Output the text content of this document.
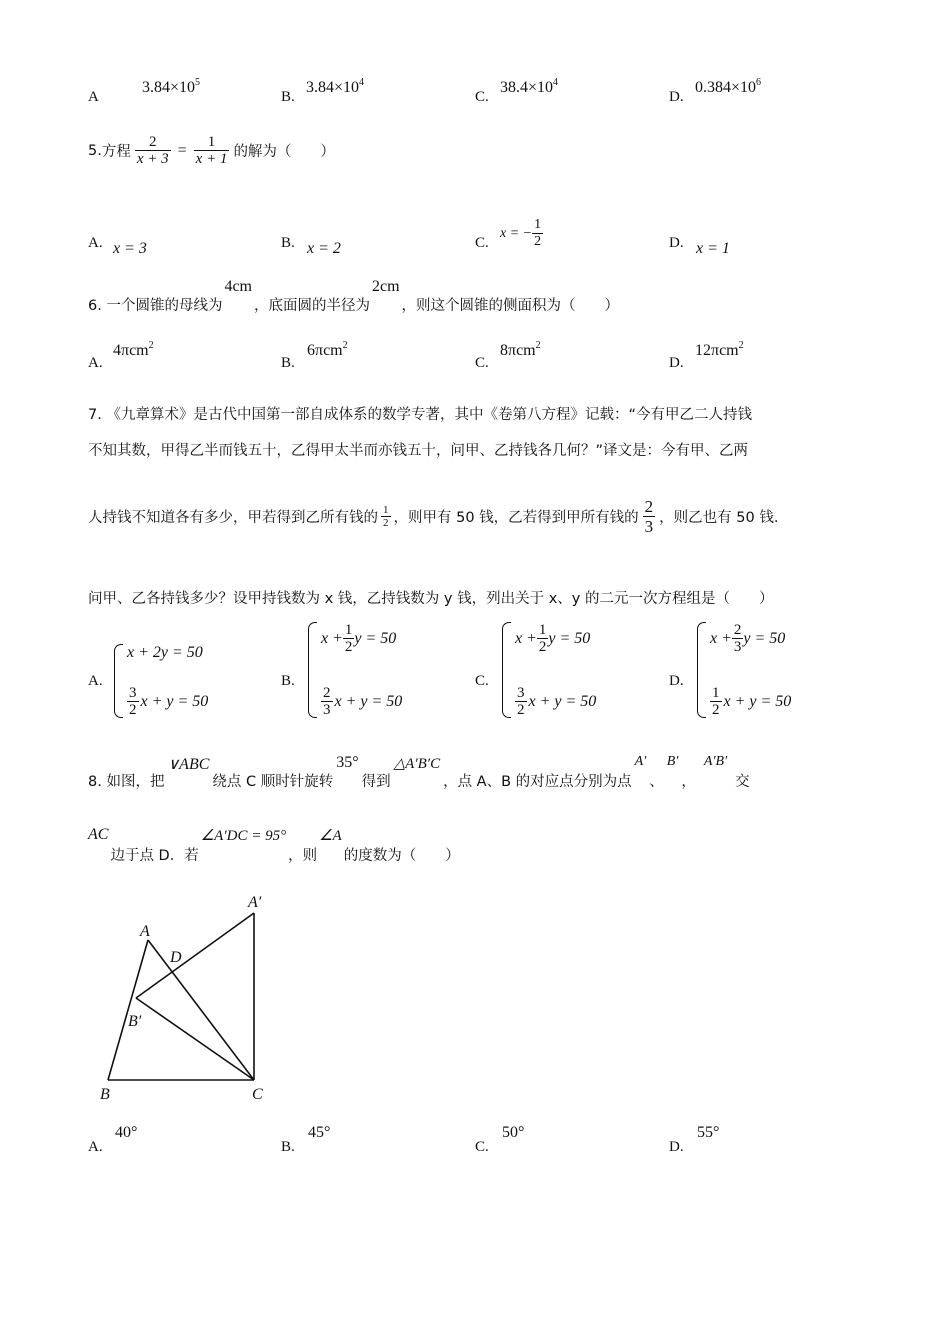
A
$3.84\times 10^5$
B.
$3.84\times 10^4$
C.
$38.4\times 10^4$
D.
$0.384\times 10^6$
5. 方程 $\frac{2}{x + 3} = \frac{1}{x + 1}$ 的解为（　　）
A. x = 3	B. x = 2	C.
x = − $\frac{1}{2}$	D. x = 1
6. 一个圆锥的母线为
4cm
，底面圆的半径为
2cm
，则这个圆锥的侧面积为（　　）
A.
4πcm$^2$
B.
6πcm$^2$
C.
8πcm$^2$
D.
12πcm$^2$
7. 《九章算术》是古代中国第一部自成体系的数学专著，其中《卷第八方程》记载：“今有甲乙二人持钱
不知其数，甲得乙半而钱五十，乙得甲太半而亦钱五十，问甲、乙持钱各几何？”译文是：今有甲、乙两
人持钱不知道各有多少，甲若得到乙所有钱的 $\frac{1}{2}$ ，则甲有 50 钱，乙若得到甲所有钱的 $\frac{2}{3}$ ，则乙也有 50 钱.
问甲、乙各持钱多少？设甲持钱数为 x 钱，乙持钱数为 y 钱，列出关于 x、y 的二元一次方程组是（　　）
A.
x + 2y = 50
$\frac{3}{2}$ x + y = 50
B.
$x + \frac{1}{2}$ y = 50
$\frac{2}{3}$ x + y = 50
C.
$x + \frac{1}{2}$ y = 50
$\frac{3}{2}$ x + y = 50
D.
$x + \frac{2}{3}$ y = 50
$\frac{1}{2}$ x + y = 50
8. 如图，把
∨ABC
绕点 C 顺时针旋转
35°
得到
△A′B′C
，点 A、B 的对应点分别为点
A′
、
B′
，
A′B′
交
AC
边于点 D．若
∠A′DC = 95°
，则
∠A
的度数为（　　）
A
A′
D
B′
B	C
A.
40°
B.
45°
C.
50°
D.
55°
